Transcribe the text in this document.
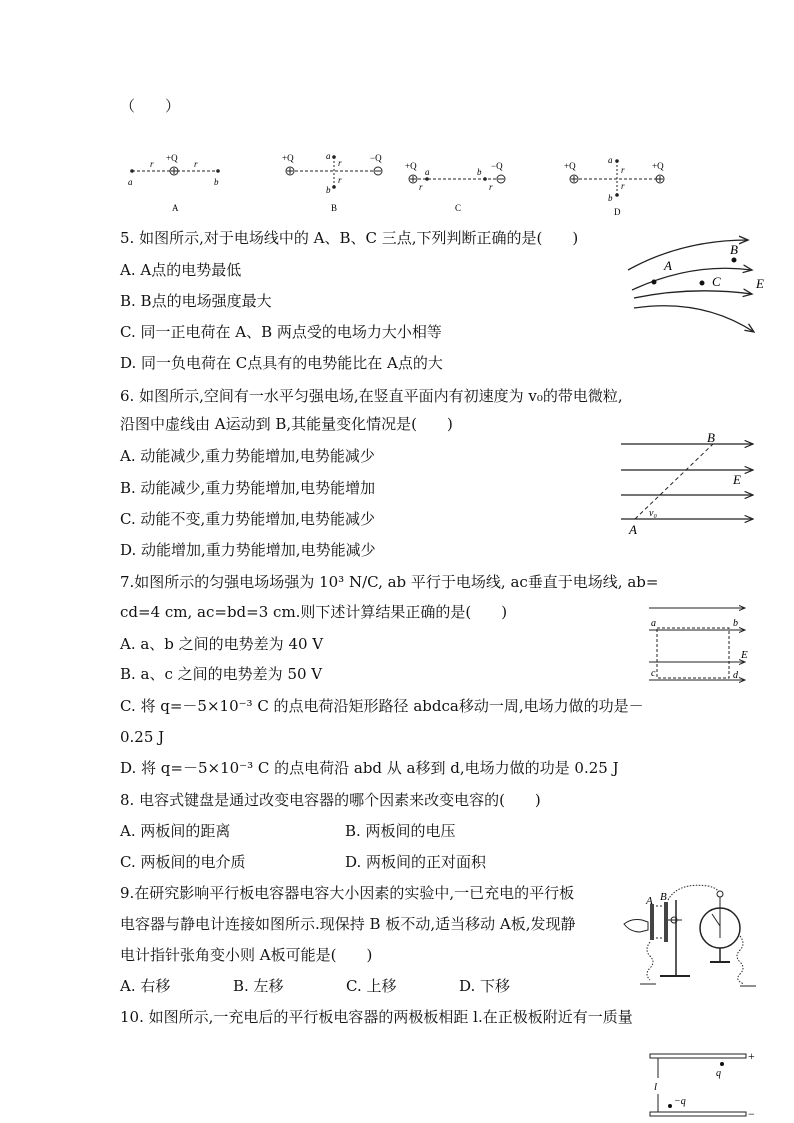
（　　）
+Q
r	r
a	b
A
+Q	−Q
a
b
r
r
B
+Q	−Q
a	b
r	r
C
+Q	+Q
a
b
r
r
D
5. 如图所示,对于电场线中的 A、B、C 三点,下列判断正确的是(　　)
A. A点的电势最低
B. B点的电场强度最大
C. 同一正电荷在 A、B 两点受的电场力大小相等
D. 同一负电荷在 C点具有的电势能比在 A点的大
A
B
C	E
6. 如图所示,空间有一水平匀强电场,在竖直平面内有初速度为 v₀的带电微粒,
沿图中虚线由 A运动到 B,其能量变化情况是(　　)
A. 动能减少,重力势能增加,电势能减少
B. 动能减少,重力势能增加,电势能增加
C. 动能不变,重力势能增加,电势能减少
D. 动能增加,重力势能增加,电势能减少
B
E
v₀
A
7.如图所示的匀强电场场强为 10³ N/C, ab 平行于电场线, ac垂直于电场线, ab=
cd=4 cm, ac=bd=3 cm.则下述计算结果正确的是(　　)
A. a、b 之间的电势差为 40 V
B. a、c 之间的电势差为 50 V
C. 将 q=－5×10⁻³ C 的点电荷沿矩形路径 abdca移动一周,电场力做的功是－
0.25 J
D. 将 q=－5×10⁻³ C 的点电荷沿 abd 从 a移到 d,电场力做的功是 0.25 J
a	b
c	d
E
8. 电容式键盘是通过改变电容器的哪个因素来改变电容的(　　)
A. 两板间的距离	B. 两板间的电压
C. 两板间的电介质	D. 两板间的正对面积
9.在研究影响平行板电容器电容大小因素的实验中,一已充电的平行板
电容器与静电计连接如图所示.现保持 B 板不动,适当移动 A板,发现静
电计指针张角变小则 A板可能是(　　)
A. 右移	B. 左移	C. 上移	D. 下移
A B
10. 如图所示,一充电后的平行板电容器的两极板相距 l.在正极板附近有一质量
+
−
q
l
−q
